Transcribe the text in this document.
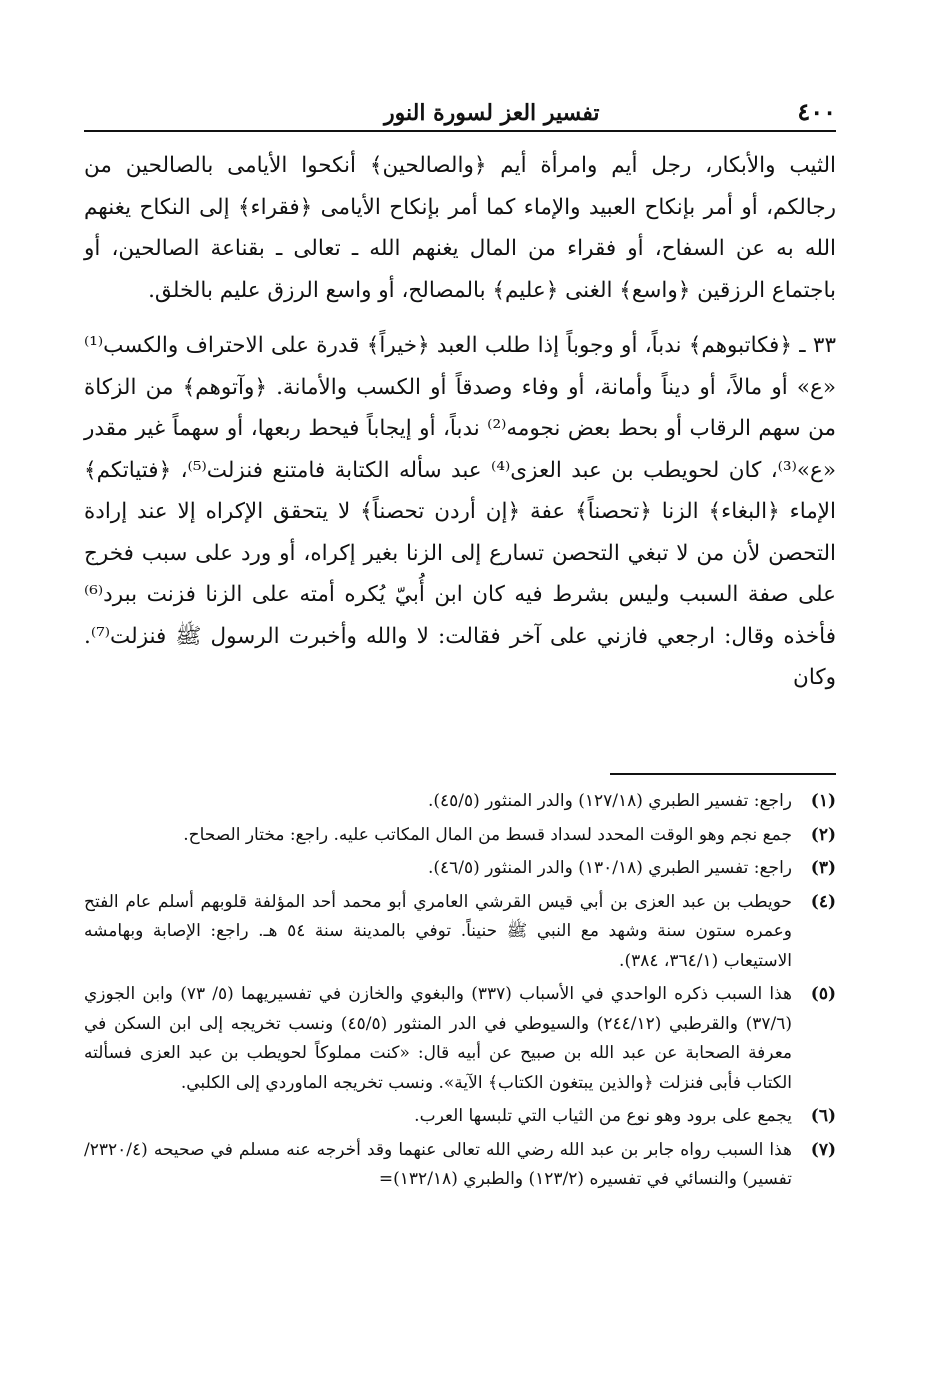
٤٠٠
تفسير العز لسورة النور

الثيب والأبكار، رجل أيم وامرأة أيم ﴿والصالحين﴾ أنكحوا الأيامى بالصالحين من رجالكم، أو أمر بإنكاح العبيد والإماء كما أمر بإنكاح الأيامى ﴿فقراء﴾ إلى النكاح يغنهم الله به عن السفاح، أو فقراء من المال يغنهم الله ـ تعالى ـ بقناعة الصالحين، أو باجتماع الرزقين ﴿واسع﴾ الغنى ﴿عليم﴾ بالمصالح، أو واسع الرزق عليم بالخلق.

٣٣ ـ ﴿فكاتبوهم﴾ ندباً، أو وجوباً إذا طلب العبد ﴿خيراً﴾ قدرة على الاحتراف والكسب⁽¹⁾ «ع» أو مالاً، أو ديناً وأمانة، أو وفاء وصدقاً أو الكسب والأمانة. ﴿وآتوهم﴾ من الزكاة من سهم الرقاب أو بحط بعض نجومه⁽²⁾ ندباً، أو إيجاباً فيحط ربعها، أو سهماً غير مقدر «ع»⁽³⁾، كان لحويطب بن عبد العزى⁽⁴⁾ عبد سأله الكتابة فامتنع فنزلت⁽⁵⁾، ﴿فتياتكم﴾ الإماء ﴿البغاء﴾ الزنا ﴿تحصناً﴾ عفة ﴿إن أردن تحصناً﴾ لا يتحقق الإكراه إلا عند إرادة التحصن لأن من لا تبغي التحصن تسارع إلى الزنا بغير إكراه، أو ورد على سبب فخرج على صفة السبب وليس بشرط فيه كان ابن أُبيّ يُكره أمته على الزنا فزنت ببرد⁽⁶⁾ فأخذه وقال: ارجعي فازني على آخر فقالت: لا والله وأخبرت الرسول ﷺ فنزلت⁽⁷⁾. وكان

(١)
راجع: تفسير الطبري (١٢٧/١٨) والدر المنثور (٤٥/٥).
(٢)
جمع نجم وهو الوقت المحدد لسداد قسط من المال المكاتب عليه. راجع: مختار الصحاح.
(٣)
راجع: تفسير الطبري (١٣٠/١٨) والدر المنثور (٤٦/٥).
(٤)
حويطب بن عبد العزى بن أبي قيس القرشي العامري أبو محمد أحد المؤلفة قلوبهم أسلم عام الفتح وعمره ستون سنة وشهد مع النبي ﷺ حنيناً. توفي بالمدينة سنة ٥٤ هـ. راجع: الإصابة وبهامشه الاستيعاب (٣٦٤/١، ٣٨٤).
(٥)
هذا السبب ذكره الواحدي في الأسباب (٣٣٧) والبغوي والخازن في تفسيريهما (٥/ ٧٣) وابن الجوزي (٣٧/٦) والقرطبي (٢٤٤/١٢) والسيوطي في الدر المنثور (٤٥/٥) ونسب تخريجه إلى ابن السكن في معرفة الصحابة عن عبد الله بن صبيح عن أبيه قال: «كنت مملوكاً لحويطب بن عبد العزى فسألته الكتاب فأبى فنزلت ﴿والذين يبتغون الكتاب﴾ الآية». ونسب تخريجه الماوردي إلى الكلبي.
(٦)
يجمع على برود وهو نوع من الثياب التي تلبسها العرب.
(٧)
هذا السبب رواه جابر بن عبد الله رضي الله تعالى عنهما وقد أخرجه عنه مسلم في صحيحه (٢٣٢٠/٤/تفسير) والنسائي في تفسيره (١٢٣/٢) والطبري (١٣٢/١٨)=
